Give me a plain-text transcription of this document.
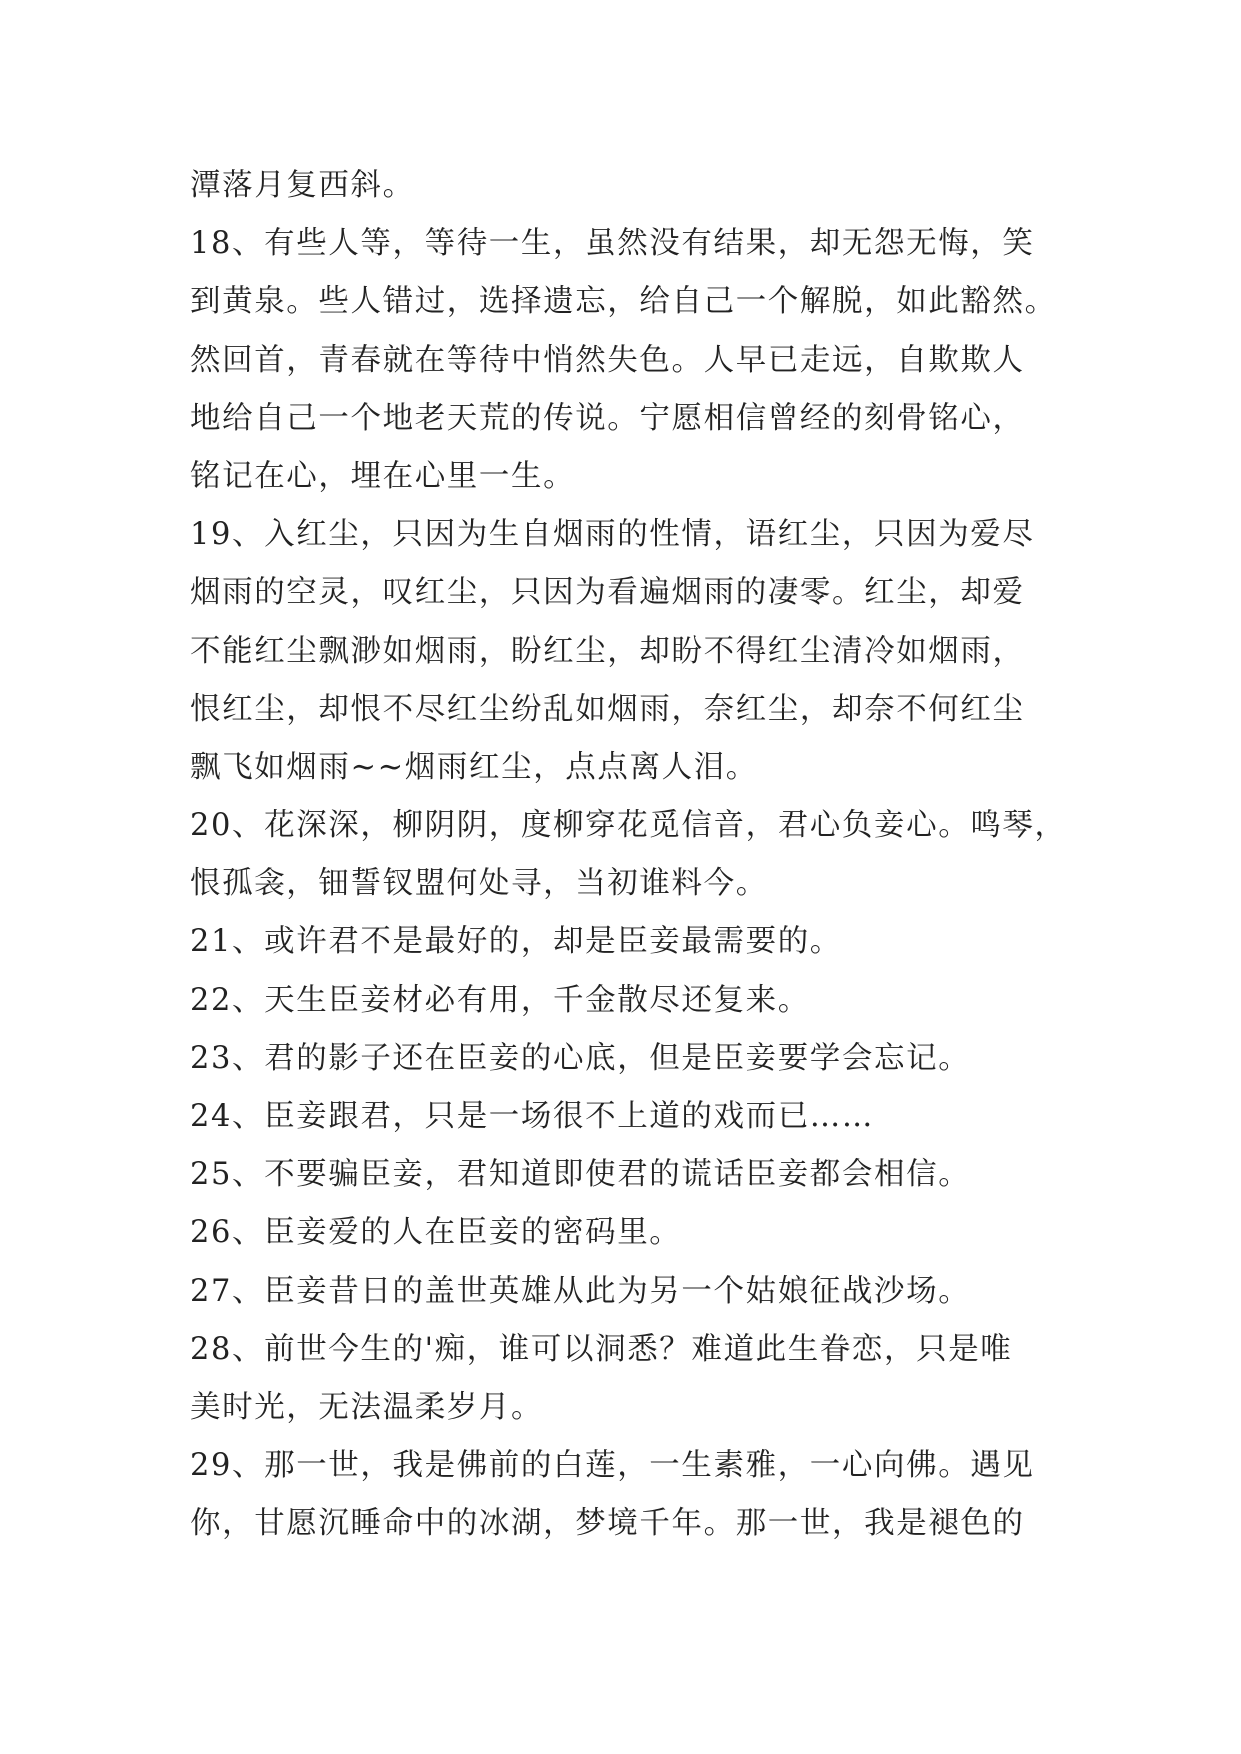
潭落月复西斜。
18、有些人等，等待一生，虽然没有结果，却无怨无悔，笑
到黄泉。些人错过，选择遗忘，给自己一个解脱，如此豁然。
然回首，青春就在等待中悄然失色。人早已走远，自欺欺人
地给自己一个地老天荒的传说。宁愿相信曾经的刻骨铭心，
铭记在心，埋在心里一生。
19、入红尘，只因为生自烟雨的性情，语红尘，只因为爱尽
烟雨的空灵，叹红尘，只因为看遍烟雨的凄零。红尘，却爱
不能红尘飘渺如烟雨，盼红尘，却盼不得红尘清冷如烟雨，
恨红尘，却恨不尽红尘纷乱如烟雨，奈红尘，却奈不何红尘
飘飞如烟雨~~烟雨红尘，点点离人泪。
20、花深深，柳阴阴，度柳穿花觅信音，君心负妾心。鸣琴，
恨孤衾，钿誓钗盟何处寻，当初谁料今。
21、或许君不是最好的，却是臣妾最需要的。
22、天生臣妾材必有用，千金散尽还复来。
23、君的影子还在臣妾的心底，但是臣妾要学会忘记。
24、臣妾跟君，只是一场很不上道的戏而已……
25、不要骗臣妾，君知道即使君的谎话臣妾都会相信。
26、臣妾爱的人在臣妾的密码里。
27、臣妾昔日的盖世英雄从此为另一个姑娘征战沙场。
28、前世今生的'痴，谁可以洞悉？难道此生眷恋，只是唯
美时光，无法温柔岁月。
29、那一世，我是佛前的白莲，一生素雅，一心向佛。遇见
你，甘愿沉睡命中的冰湖，梦境千年。那一世，我是褪色的
